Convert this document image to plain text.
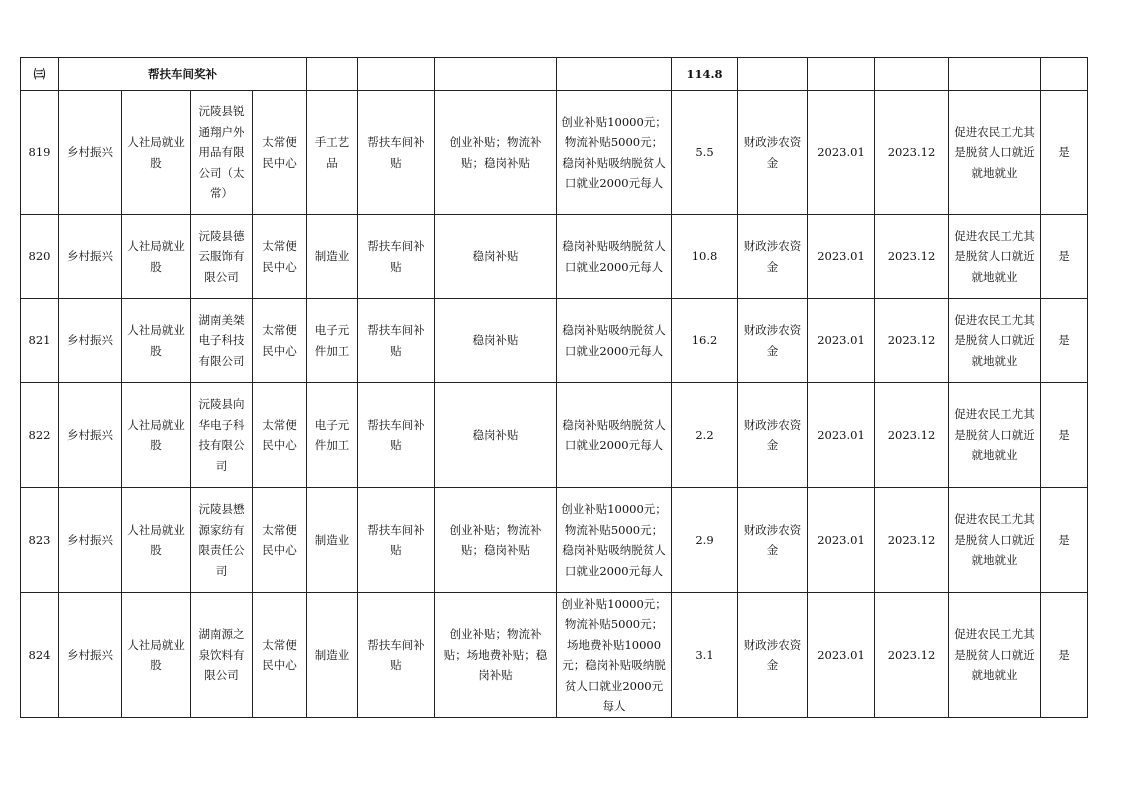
㈢	帮扶车间奖补								114.8					
819	乡村振兴	人社局就业股	沅陵县锐通翔户外用品有限公司（太常）	太常便民中心	手工艺品	帮扶车间补贴	创业补贴；物流补贴；稳岗补贴	创业补贴10000元；物流补贴5000元；稳岗补贴吸纳脱贫人口就业2000元每人	5.5	财政涉农资金	2023.01	2023.12	促进农民工尤其是脱贫人口就近就地就业	是
820	乡村振兴	人社局就业股	沅陵县德云服饰有限公司	太常便民中心	制造业	帮扶车间补贴	稳岗补贴	稳岗补贴吸纳脱贫人口就业2000元每人	10.8	财政涉农资金	2023.01	2023.12	促进农民工尤其是脱贫人口就近就地就业	是
821	乡村振兴	人社局就业股	湖南美桀电子科技有限公司	太常便民中心	电子元件加工	帮扶车间补贴	稳岗补贴	稳岗补贴吸纳脱贫人口就业2000元每人	16.2	财政涉农资金	2023.01	2023.12	促进农民工尤其是脱贫人口就近就地就业	是
822	乡村振兴	人社局就业股	沅陵县向华电子科技有限公司	太常便民中心	电子元件加工	帮扶车间补贴	稳岗补贴	稳岗补贴吸纳脱贫人口就业2000元每人	2.2	财政涉农资金	2023.01	2023.12	促进农民工尤其是脱贫人口就近就地就业	是
823	乡村振兴	人社局就业股	沅陵县懋源家纺有限责任公司	太常便民中心	制造业	帮扶车间补贴	创业补贴；物流补贴；稳岗补贴	创业补贴10000元；物流补贴5000元；稳岗补贴吸纳脱贫人口就业2000元每人	2.9	财政涉农资金	2023.01	2023.12	促进农民工尤其是脱贫人口就近就地就业	是
824	乡村振兴	人社局就业股	湖南源之泉饮料有限公司	太常便民中心	制造业	帮扶车间补贴	创业补贴；物流补贴；场地费补贴；稳岗补贴	创业补贴10000元；物流补贴5000元；场地费补贴10000元；稳岗补贴吸纳脱贫人口就业2000元每人	3.1	财政涉农资金	2023.01	2023.12	促进农民工尤其是脱贫人口就近就地就业	是
